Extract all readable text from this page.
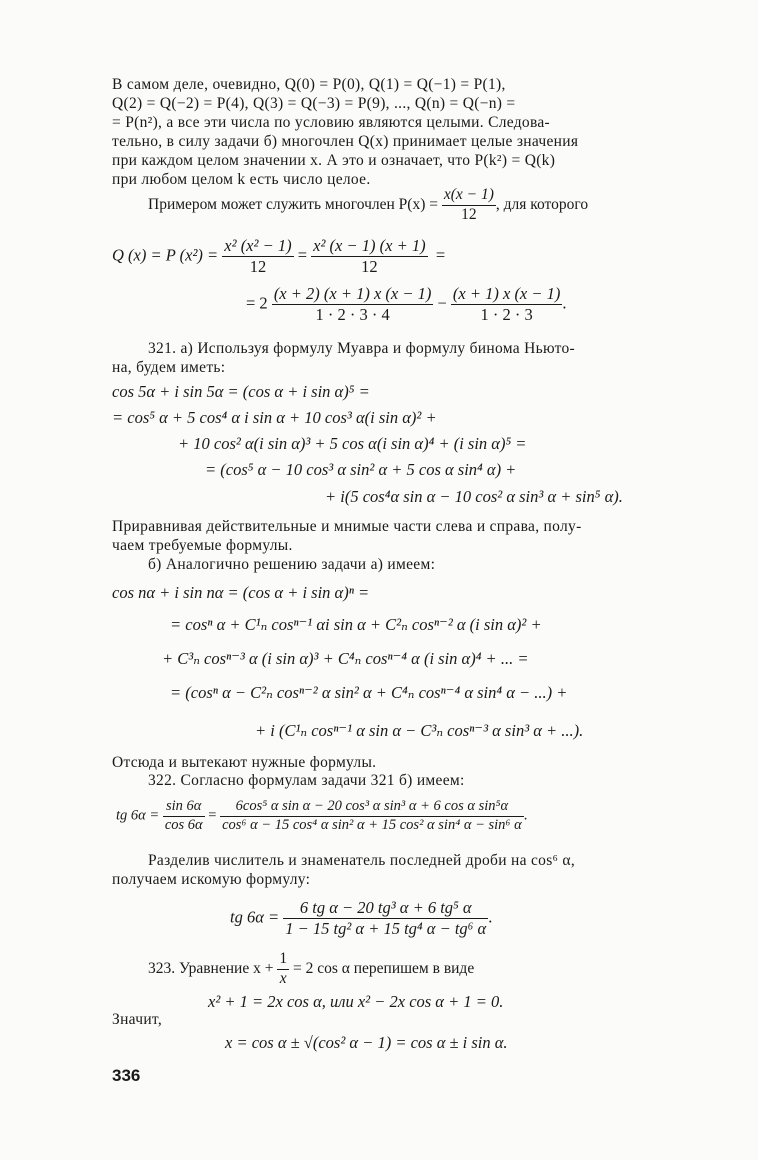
В самом деле, очевидно, Q(0) = P(0), Q(1) = Q(−1) = P(1),
Q(2) = Q(−2) = P(4), Q(3) = Q(−3) = P(9), ..., Q(n) = Q(−n) =
= P(n²), а все эти числа по условию являются целыми. Следова-
тельно, в силу задачи б) многочлен Q(x) принимает целые значения
при каждом целом значении x. А это и означает, что P(k²) = Q(k)
при любом целом k есть число целое.
Примером может служить многочлен $P(x) = \frac{x(x - 1)}{12}$ , для которого
Q (x) = P $(x^2) = \frac{\text{x² (x² − 1)}}{12} = \frac{\text{x² (x − 1) (x + 1)}}{12}$ =
= $2 \frac{(x + 2) (x + 1) x (x - 1)}{1 \cdot 2 \cdot 3 \cdot 4} - \frac{(x + 1) x (x - 1)}{1 \cdot 2 \cdot 3}$ .
321. а) Используя формулу Муавра и формулу бинома Ньюто-
на, будем иметь:
cos 5α + i sin 5α = (cos α + i sin α)⁵ =
= cos⁵ α + 5 cos⁴ α i sin α + 10 cos³ α(i sin α)² +
+ 10 cos² α(i sin α)³ + 5 cos α(i sin α)⁴ + (i sin α)⁵ =
= (cos⁵ α − 10 cos³ α sin² α + 5 cos α sin⁴ α) +
+ i(5 cos⁴α sin α − 10 cos² α sin³ α + sin⁵ α).
Приравнивая действительные и мнимые части слева и справа, полу-
чаем требуемые формулы.
б) Аналогично решению задачи а) имеем:
cos nα + i sin nα = (cos α + i sin α)ⁿ =
= cosⁿ α + C¹ₙ cosⁿ⁻¹ αi sin α + C²ₙ cosⁿ⁻² α (i sin α)² +
+ C³ₙ cosⁿ⁻³ α (i sin α)³ + C⁴ₙ cosⁿ⁻⁴ α (i sin α)⁴ + ... =
= (cosⁿ α − C²ₙ cosⁿ⁻² α sin² α + C⁴ₙ cosⁿ⁻⁴ α sin⁴ α − ...) +
+ i (C¹ₙ cosⁿ⁻¹ α sin α − C³ₙ cosⁿ⁻³ α sin³ α + ...).
Отсюда и вытекают нужные формулы.
322. Согласно формулам задачи 321 б) имеем:
tg $6\alpha = \frac{\sin 6\alpha}{\cos 6\alpha} = \frac{\text{6cos⁵ α sin α − 20 cos³ α sin³ α + 6 cos α sin⁵α}}{\text{cos⁶ α − 15 cos⁴ α sin² α + 15 cos² α sin⁴ α − sin⁶ α}}$ .
Разделив числитель и знаменатель последней дроби на cos⁶ α,
получаем искомую формулу:
tg $6\alpha = \frac{\text{6 tg α − 20 tg³ α + 6 tg⁵ α}}{\text{1 − 15 tg² α + 15 tg⁴ α − tg⁶ α}}$ .
323. Уравнение $x + \frac{1}{x} = 2$ cos α перепишем в виде
x² + 1 = 2x cos α, или x² − 2x cos α + 1 = 0.
Значит,
x = cos α ± √(cos² α − 1) = cos α ± i sin α.
336
